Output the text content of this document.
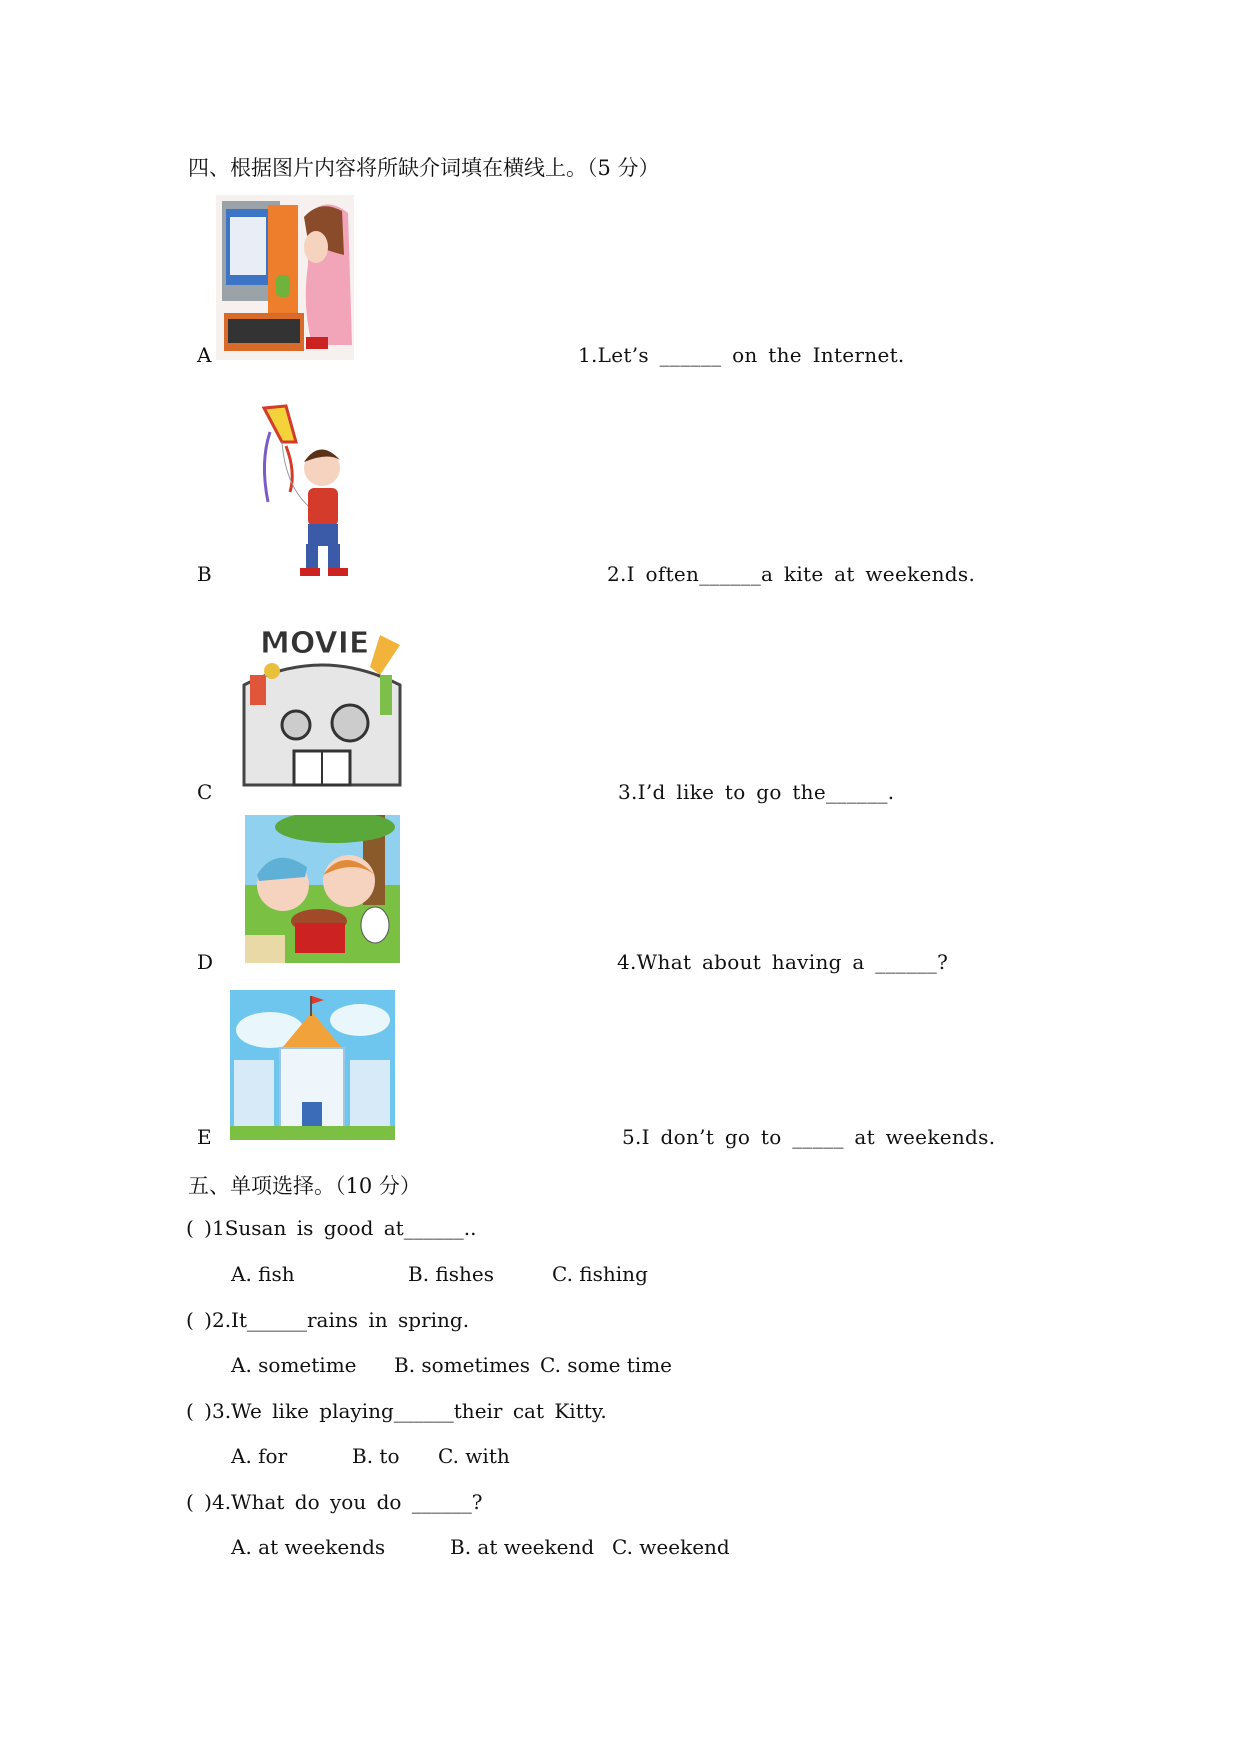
四、根据图片内容将所缺介词填在横线上。（5 分）
A	1.Let’s ______ on the Internet.
B	2.I often______a kite at weekends.
MOVIE
C	3.I’d like to go the______.
D	4.What about having a ______?
E	5.I don’t go to _____ at weekends.
五、单项选择。（10 分）
( )1Susan is good at______..
A. fish	B. fishes	C. fishing
( )2.It______rains in spring.
A. sometime B. sometimes C. some time
( )3.We like playing______their cat Kitty.
A. for	B. to C. with
( )4.What do you do ______?
A. at weekends	B. at weekend C. weekend
